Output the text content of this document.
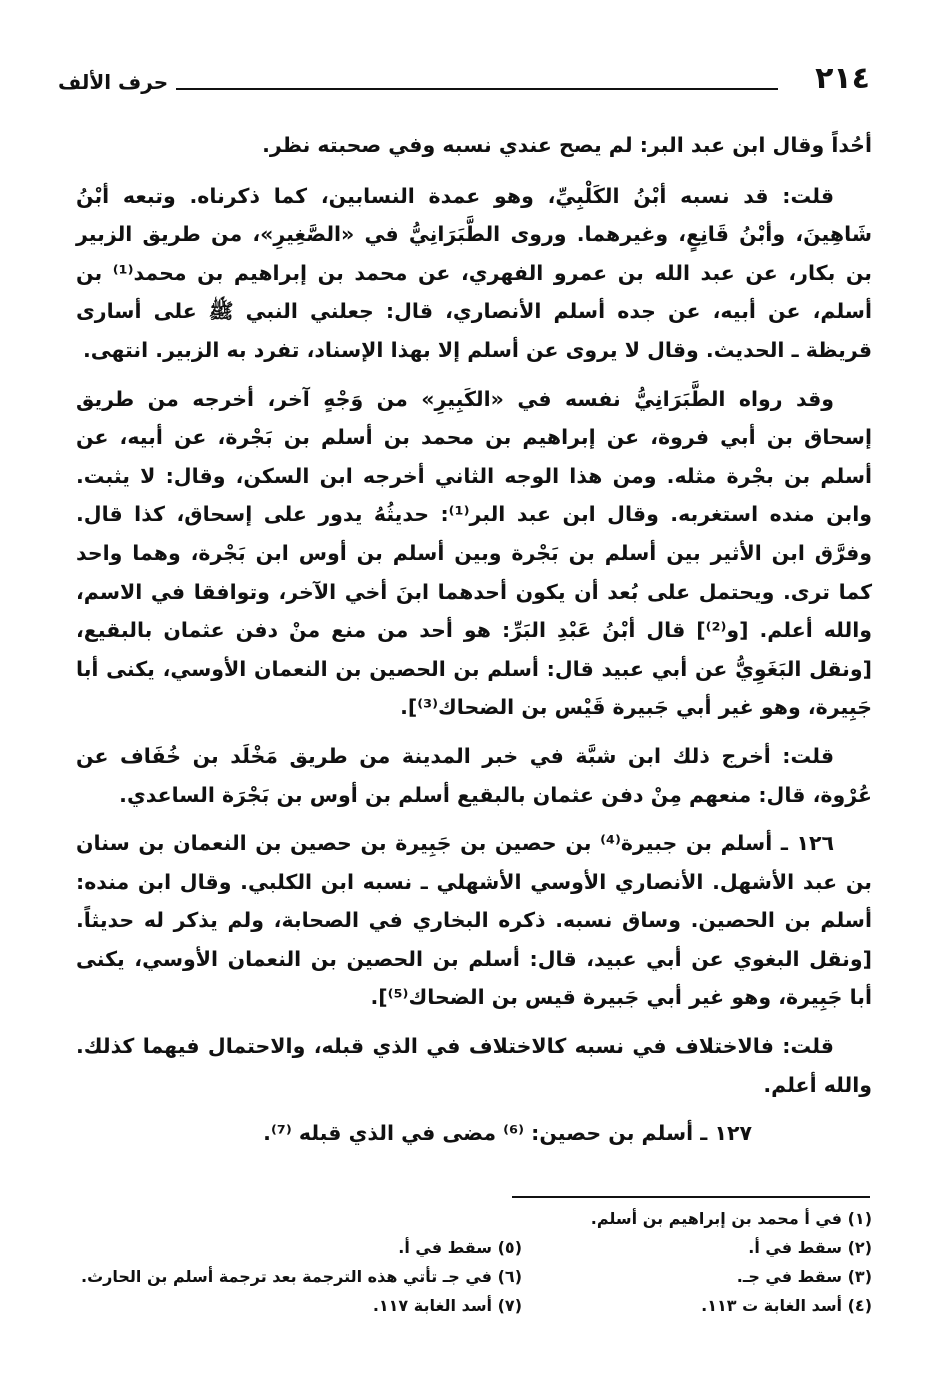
٢١٤
حرف الألف

أحُداً وقال ابن عبد البر: لم يصح عندي نسبه وفي صحبته نظر.

قلت: قد نسبه أبْنُ الكَلْبِيِّ، وهو عمدة النسابين، كما ذكرناه. وتبعه أبْنُ شَاهِينَ، وأبْنُ قَانِعٍ، وغيرهما. وروى الطَّبَرَانِيُّ في «الصَّغِيرِ»، من طريق الزبير بن بكار، عن عبد الله بن عمرو الفهري، عن محمد بن إبراهيم بن محمد⁽¹⁾ بن أسلم، عن أبيه، عن جده أسلم الأنصاري، قال: جعلني النبي ﷺ على أسارى قريظة ـ الحديث. وقال لا يروى عن أسلم إلا بهذا الإسناد، تفرد به الزبير. انتهى.

وقد رواه الطَّبَرَانِيُّ نفسه في «الكَبِيرِ» من وَجْهٍ آخر، أخرجه من طريق إسحاق بن أبي فروة، عن إبراهيم بن محمد بن أسلم بن بَجْرة، عن أبيه، عن أسلم بن بجْرة مثله. ومن هذا الوجه الثاني أخرجه ابن السكن، وقال: لا يثبت. وابن منده استغربه. وقال ابن عبد البر⁽¹⁾: حديثُهُ يدور على إسحاق، كذا قال. وفرَّق ابن الأثير بين أسلم بن بَجْرة وبين أسلم بن أوس ابن بَجْرة، وهما واحد كما ترى. ويحتمل على بُعد أن يكون أحدهما ابنَ أخي الآخر، وتوافقا في الاسم، والله أعلم. [و⁽²⁾] قال أبْنُ عَبْدِ البَرِّ: هو أحد من منع منْ دفن عثمان بالبقيع، [ونقل البَغَوِيُّ عن أبي عبيد قال: أسلم بن الحصين بن النعمان الأوسي، يكنى أبا جَبِيرة، وهو غير أبي جَبيرة قَيْس بن الضحاك⁽³⁾].

قلت: أخرج ذلك ابن شبَّة في خبر المدينة من طريق مَخْلَد بن خُفَاف عن عُرْوة، قال: منعهم مِنْ دفن عثمان بالبقيع أسلم بن أوس بن بَجْرَة الساعدي.

١٢٦ ـ أسلم بن جبيرة⁽⁴⁾ بن حصين بن جَبِيرة بن حصين بن النعمان بن سنان بن عبد الأشهل. الأنصاري الأوسي الأشهلي ـ نسبه ابن الكلبي. وقال ابن منده: أسلم بن الحصين. وساق نسبه. ذكره البخاري في الصحابة، ولم يذكر له حديثاً. [ونقل البغوي عن أبي عبيد، قال: أسلم بن الحصين بن النعمان الأوسي، يكنى أبا جَبِيرة، وهو غير أبي جَبيرة قيس بن الضحاك⁽⁵⁾].

قلت: فالاختلاف في نسبه كالاختلاف في الذي قبله، والاحتمال فيهما كذلك. والله أعلم.

١٢٧ ـ أسلم بن حصين: ⁽⁶⁾ مضى في الذي قبله ⁽⁷⁾.

(١) في أ محمد بن إبراهيم بن أسلم.
(٢) سقط في أ.
(٥) سقط في أ.
(٣) سقط في جـ.
(٦) في جـ تأتي هذه الترجمة بعد ترجمة أسلم بن الحارث.
(٤) أسد الغابة ت ١١٣.
(٧) أسد الغابة ١١٧.
